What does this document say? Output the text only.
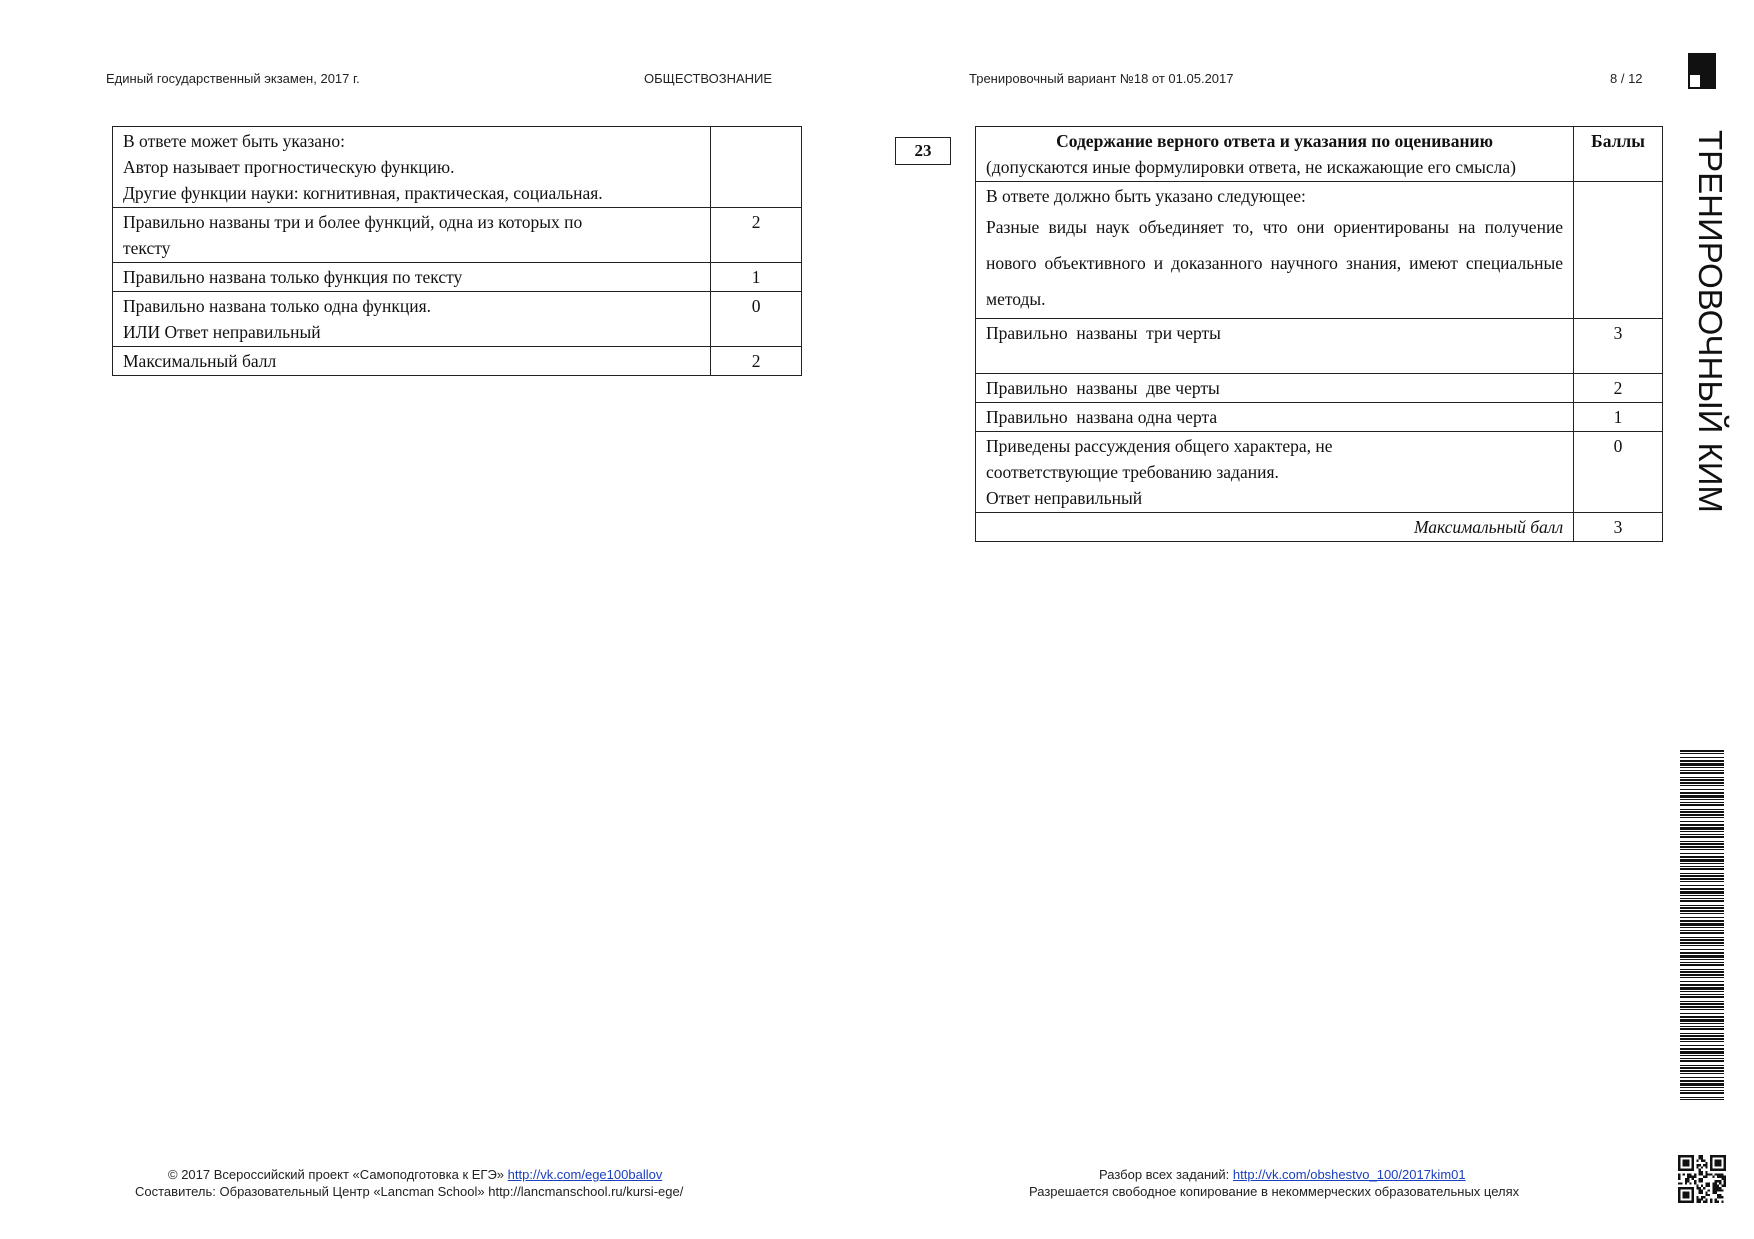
Единый государственный экзамен, 2017 г.	ОБЩЕСТВОЗНАНИЕ	Тренировочный вариант №18 от 01.05.2017	8 / 12
В ответе может быть указано:
Автор называет прогностическую функцию.
Другие функции науки: когнитивная, практическая, социальная.	

Правильно названы три и более функций, одна из которых по
тексту	2

Правильно названа только функция по тексту	1

Правильно названа только одна функция.
ИЛИ Ответ неправильный	0

Максимальный балл	2
23	Содержание верного ответа и указания по оцениванию
(допускаются иные формулировки ответа, не искажающие его смысла)	Баллы

В ответе должно быть указано следующее:
Разные виды наук объединяет то, что они ориентированы на получение нового объективного и доказанного научного знания, имеют специальные методы.	

Правильно  названы  три черты	3

Правильно  названы  две черты	2

Правильно  названа одна черта	1

Приведены рассуждения общего характера, не
соответствующие требованию задания.
Ответ неправильный	0
Максимальный балл	3
ТРЕНИРОВОЧНЫЙ КИМ
© 2017 Всероссийский проект «Самоподготовка к ЕГЭ» http://vk.com/ege100ballov
Составитель: Образовательный Центр «Lancman School» http://lancmanschool.ru/kursi-ege/
Разбор всех заданий: http://vk.com/obshestvo_100/2017kim01
Разрешается свободное копирование в некоммерческих образовательных целях
